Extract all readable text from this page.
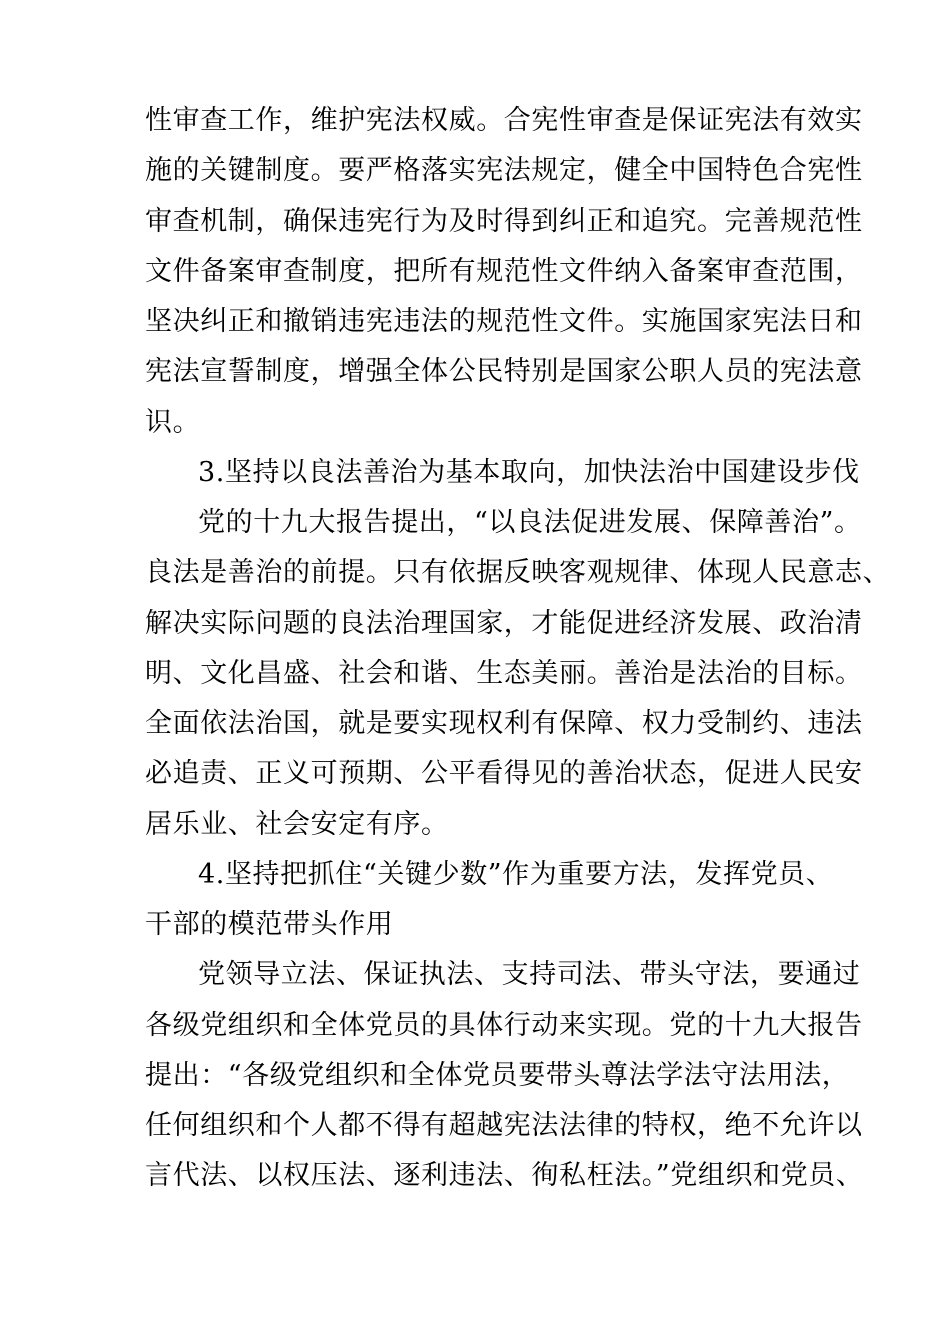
性审查工作，维护宪法权威。合宪性审查是保证宪法有效实
施的关键制度。要严格落实宪法规定，健全中国特色合宪性
审查机制，确保违宪行为及时得到纠正和追究。完善规范性
文件备案审查制度，把所有规范性文件纳入备案审查范围，
坚决纠正和撤销违宪违法的规范性文件。实施国家宪法日和
宪法宣誓制度，增强全体公民特别是国家公职人员的宪法意
识。
3.坚持以良法善治为基本取向，加快法治中国建设步伐
党的十九大报告提出，“以良法促进发展、保障善治”。
良法是善治的前提。只有依据反映客观规律、体现人民意志、
解决实际问题的良法治理国家，才能促进经济发展、政治清
明、文化昌盛、社会和谐、生态美丽。善治是法治的目标。
全面依法治国，就是要实现权利有保障、权力受制约、违法
必追责、正义可预期、公平看得见的善治状态，促进人民安
居乐业、社会安定有序。
4.坚持把抓住“关键少数”作为重要方法，发挥党员、
干部的模范带头作用
党领导立法、保证执法、支持司法、带头守法，要通过
各级党组织和全体党员的具体行动来实现。党的十九大报告
提出：“各级党组织和全体党员要带头尊法学法守法用法，
任何组织和个人都不得有超越宪法法律的特权，绝不允许以
言代法、以权压法、逐利违法、徇私枉法。”党组织和党员、
